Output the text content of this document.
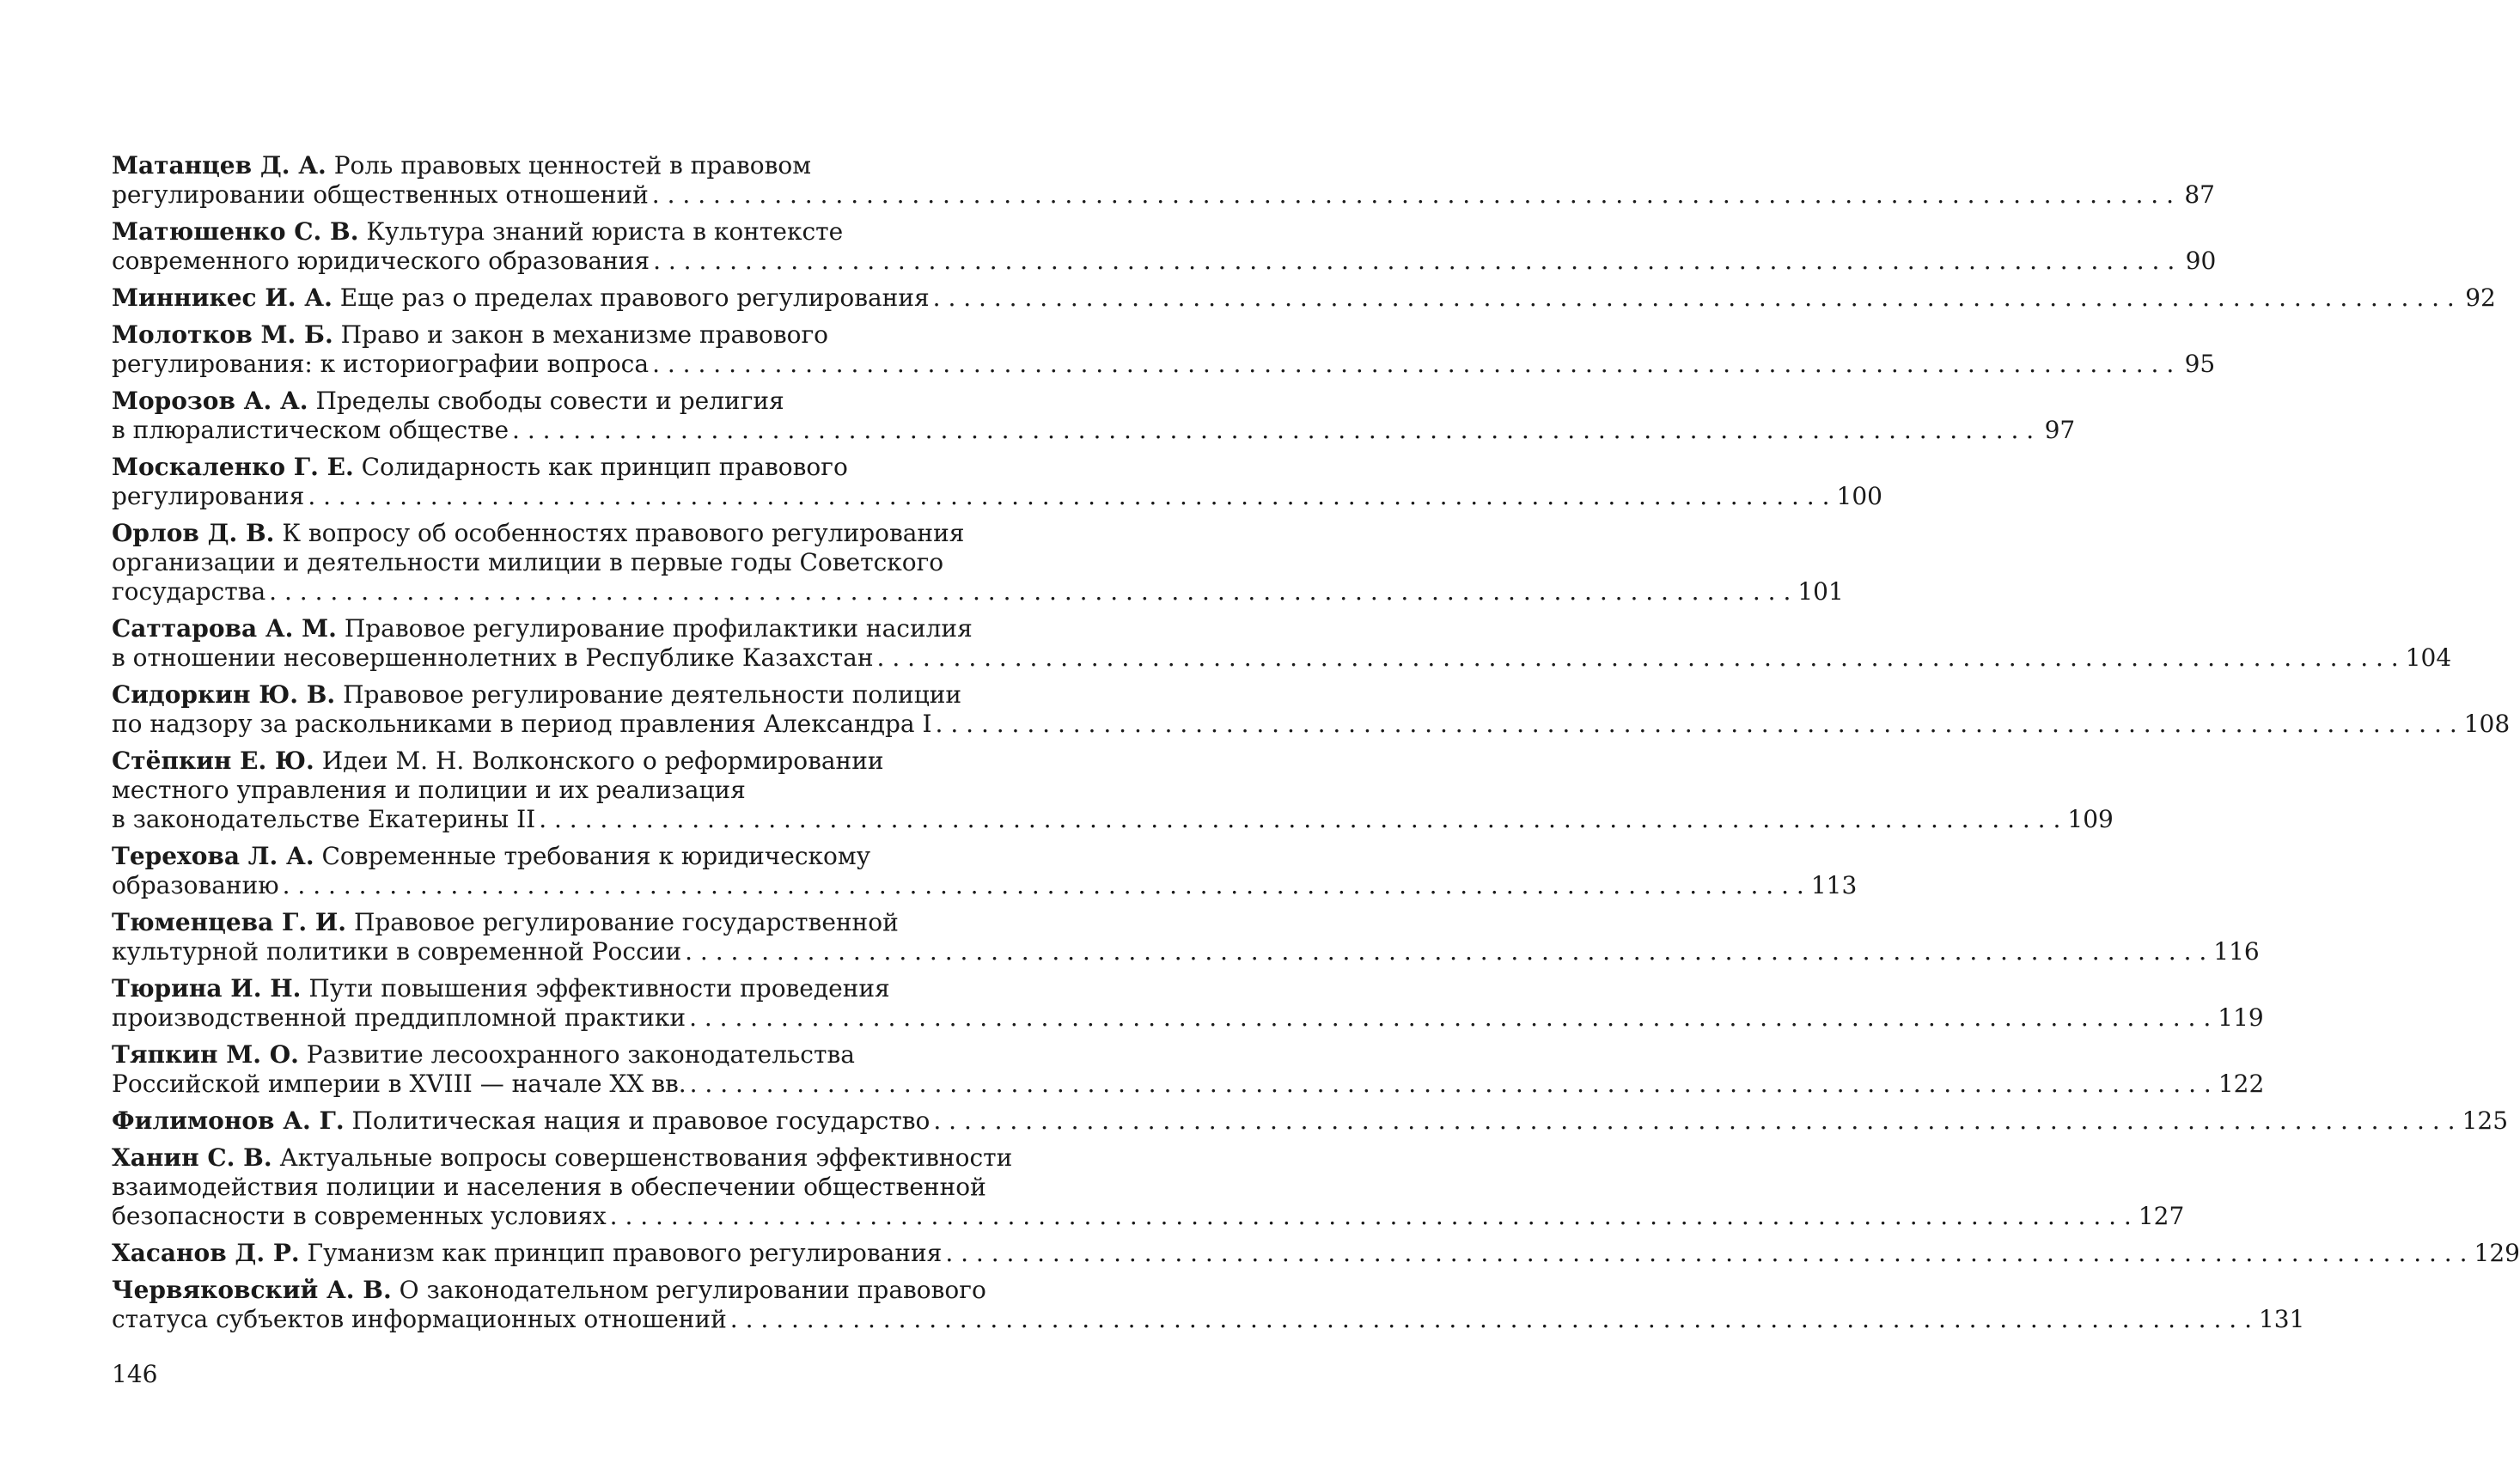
Матанцев Д. А. Роль правовых ценностей в правовом
регулировании общественных отношений . . .	87
Матюшенко С. В. Культура знаний юриста в контексте
современного юридического образования . . .	90
Минникес И. А. Еще раз о пределах правового регулирования . . .	92
Молотков М. Б. Право и закон в механизме правового
регулирования: к историографии вопроса . . .	95
Морозов А. А. Пределы свободы совести и религия
в плюралистическом обществе . . .	97
Москаленко Г. Е. Солидарность как принцип правового
регулирования . . .	100
Орлов Д. В. К вопросу об особенностях правового регулирования
организации и деятельности милиции в первые годы Советского
государства . . .	101
Саттарова А. М. Правовое регулирование профилактики насилия
в отношении несовершеннолетних в Республике Казахстан . . .	104
Сидоркин Ю. В. Правовое регулирование деятельности полиции
по надзору за раскольниками в период правления Александра I . . .	108
Стёпкин Е. Ю. Идеи М. Н. Волконского о реформировании
местного управления и полиции и их реализация
в законодательстве Екатерины II . . .	109
Терехова Л. А. Современные требования к юридическому
образованию . . .	113
Тюменцева Г. И. Правовое регулирование государственной
культурной политики в современной России . . .	116
Тюрина И. Н. Пути повышения эффективности проведения
производственной преддипломной практики . . .	119
Тяпкин М. О. Развитие лесоохранного законодательства
Российской империи в XVIII — начале XX вв. . . .	122
Филимонов А. Г. Политическая нация и правовое государство . . .	125
Ханин С. В. Актуальные вопросы совершенствования эффективности
взаимодействия полиции и населения в обеспечении общественной
безопасности в современных условиях . . .	127
Хасанов Д. Р. Гуманизм как принцип правового регулирования . . .	129
Червяковский А. В. О законодательном регулировании правового
статуса субъектов информационных отношений . . .	131
146
